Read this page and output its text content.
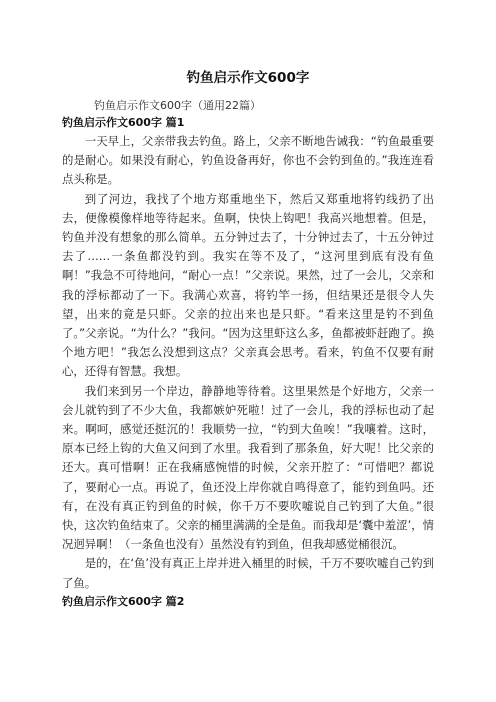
钓鱼启示作文600字

钓鱼启示作文600字（通用22篇）

钓鱼启示作文600字 篇1

一天早上，父亲带我去钓鱼。路上，父亲不断地告诫我：“钓鱼最重要的是耐心。如果没有耐心，钓鱼设备再好，你也不会钓到鱼的。”我连连看点头称是。

到了河边，我找了个地方郑重地坐下，然后又郑重地将钓线扔了出去，便像模像样地等待起来。鱼啊，快快上钩吧！我高兴地想着。但是，钓鱼并没有想象的那么简单。五分钟过去了，十分钟过去了，十五分钟过去了……一条鱼都没钓到。我实在等不及了，“这河里到底有没有鱼啊！”我急不可待地问，“耐心一点！”父亲说。果然，过了一会儿，父亲和我的浮标都动了一下。我满心欢喜，将钓竿一扬，但结果还是很令人失望，出来的竟是只虾。父亲的拉出来也是只虾。“看来这里是钓不到鱼了。”父亲说。“为什么？”我问。“因为这里虾这么多，鱼都被虾赶跑了。换个地方吧！”我怎么没想到这点？父亲真会思考。看来，钓鱼不仅要有耐心，还得有智慧。我想。

我们来到另一个岸边，静静地等待着。这里果然是个好地方，父亲一会儿就钓到了不少大鱼，我都嫉妒死啦！过了一会儿，我的浮标也动了起来。啊呵，感觉还挺沉的！我顺势一拉，“钓到大鱼唉！”我嚷着。这时，原本已经上钩的大鱼又问到了水里。我看到了那条鱼，好大呢！比父亲的还大。真可惜啊！正在我痛感惋惜的时候，父亲开腔了：“可惜吧？都说了，要耐心一点。再说了，鱼还没上岸你就自鸣得意了，能钓到鱼吗。还有，在没有真正钓到鱼的时候，你千万不要吹嘘说自己钓到了大鱼。”很快，这次钓鱼结束了。父亲的桶里满满的全是鱼。而我却是‘囊中羞涩’，情况迥异啊！（一条鱼也没有）虽然没有钓到鱼，但我却感觉桶很沉。

是的，在‘鱼’没有真正上岸并进入桶里的时候，千万不要吹嘘自己钓到了鱼。

钓鱼启示作文600字 篇2
